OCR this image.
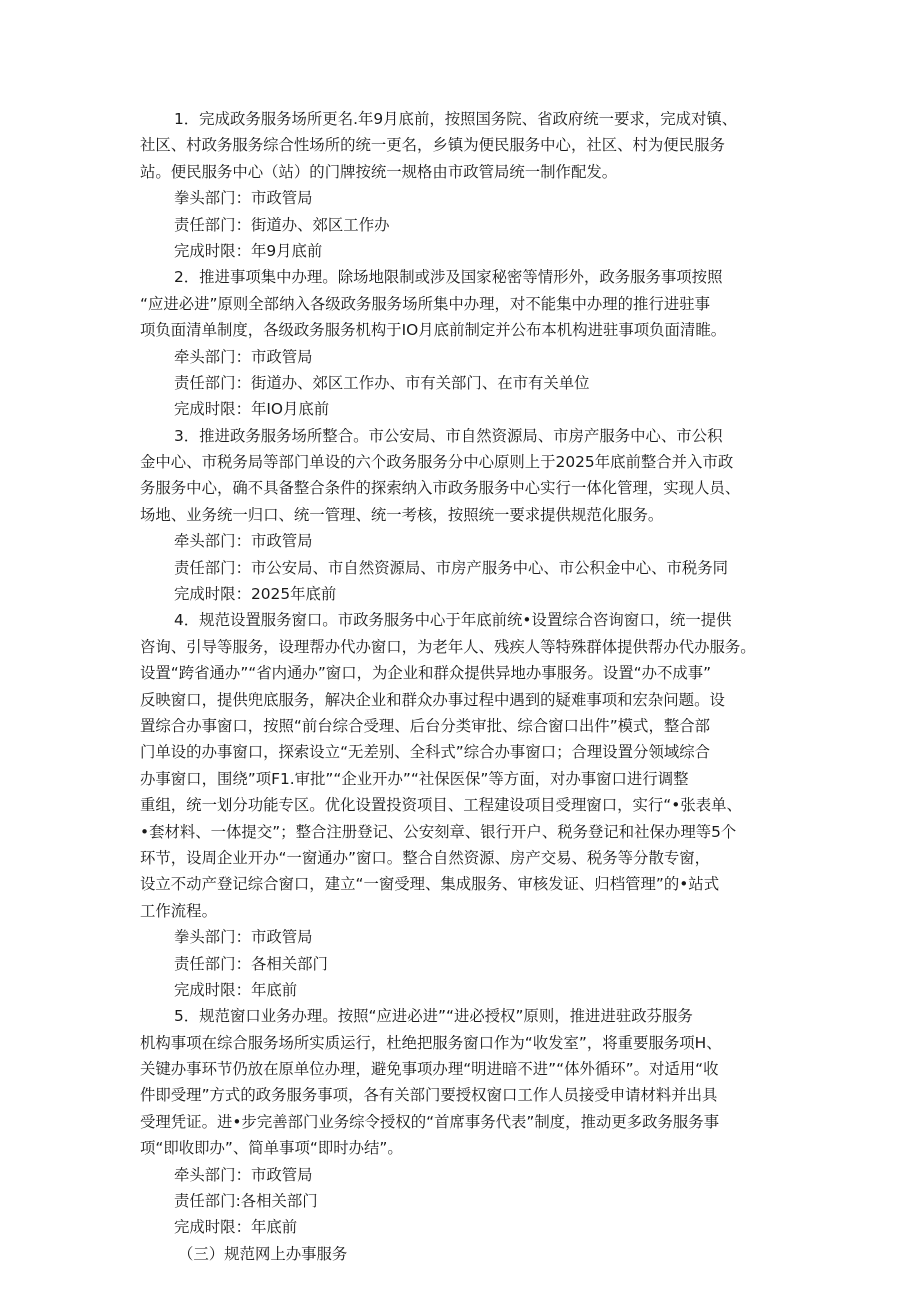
1．完成政务服务场所更名.年9月底前，按照国务院、省政府统一要求，完成对镇、
社区、村政务服务综合性场所的统一更名，乡镇为便民服务中心，社区、村为便民服务
站。便民服务中心（站）的门牌按统一规格由市政管局统一制作配发。
拳头部门：市政管局
责任部门：街道办、郊区工作办
完成时限：年9月底前
2．推进事项集中办理。除场地限制或涉及国家秘密等情形外，政务服务事项按照
“应进必进”原则全部纳入各级政务服务场所集中办理，对不能集中办理的推行进驻事
项负面清单制度，各级政务服务机构于IO月底前制定并公布本机构进驻事项负面清睢。
牵头部门：市政管局
责任部门：街道办、郊区工作办、市有关部门、在市有关单位
完成时限：年IO月底前
3．推进政务服务场所整合。市公安局、市自然资源局、市房产服务中心、市公积
金中心、市税务局等部门单设的六个政务服务分中心原则上于2025年底前整合并入市政
务服务中心，确不具备整合条件的探索纳入市政务服务中心实行一体化管理，实现人员、
场地、业务统一归口、统一管理、统一考核，按照统一要求提供规范化服务。
牵头部门：市政管局
责任部门：市公安局、市自然资源局、市房产服务中心、市公积金中心、市税务同
完成时限：2025年底前
4．规范设置服务窗口。市政务服务中心于年底前统•设置综合咨询窗口，统一提供
咨询、引导等服务，设理帮办代办窗口，为老年人、残疾人等特殊群体提供帮办代办服务。
设置“跨省通办”“省内通办”窗口，为企业和群众提供异地办事服务。设置“办不成事”
反映窗口，提供兜底服务，解决企业和群众办事过程中遇到的疑难事项和宏杂问题。设
置综合办事窗口，按照“前台综合受理、后台分类审批、综合窗口出件”模式，整合部
门单设的办事窗口，探索设立“无差别、全科式”综合办事窗口；合理设置分领域综合
办事窗口，围绕”项F1.审批”“企业开办”“社保医保”等方面，对办事窗口进行调整
重组，统一划分功能专区。优化设置投资项目、工程建设项目受理窗口，实行“•张表单、
•套材料、一体提交”；整合注册登记、公安刻章、银行开户、税务登记和社保办理等5个
环节，设周企业开办“一窗通办”窗口。整合自然资源、房产交易、税务等分散专窗，
设立不动产登记综合窗口，建立“一窗受理、集成服务、审核发证、归档管理”的•站式
工作流程。
拳头部门：市政管局
责任部门：各相关部门
完成时限：年底前
5．规范窗口业务办理。按照“应进必进”“进必授权”原则，推进进驻政芬服务
机构事项在综合服务场所实质运行，杜绝把服务窗口作为“收发室”，将重要服务项H、
关键办事环节仍放在原单位办理，避免事项办理“明进暗不进”“体外循环”。对适用“收
件即受理”方式的政务服务事项，各有关部门要授权窗口工作人员接受申请材料并出具
受理凭证。进•步完善部门业务综令授权的“首席事务代表”制度，推动更多政务服务事
项“即收即办”、简单事项“即时办结”。
牵头部门：市政管局
责任部门:各相关部门
完成时限：年底前
（三）规范网上办事服务
